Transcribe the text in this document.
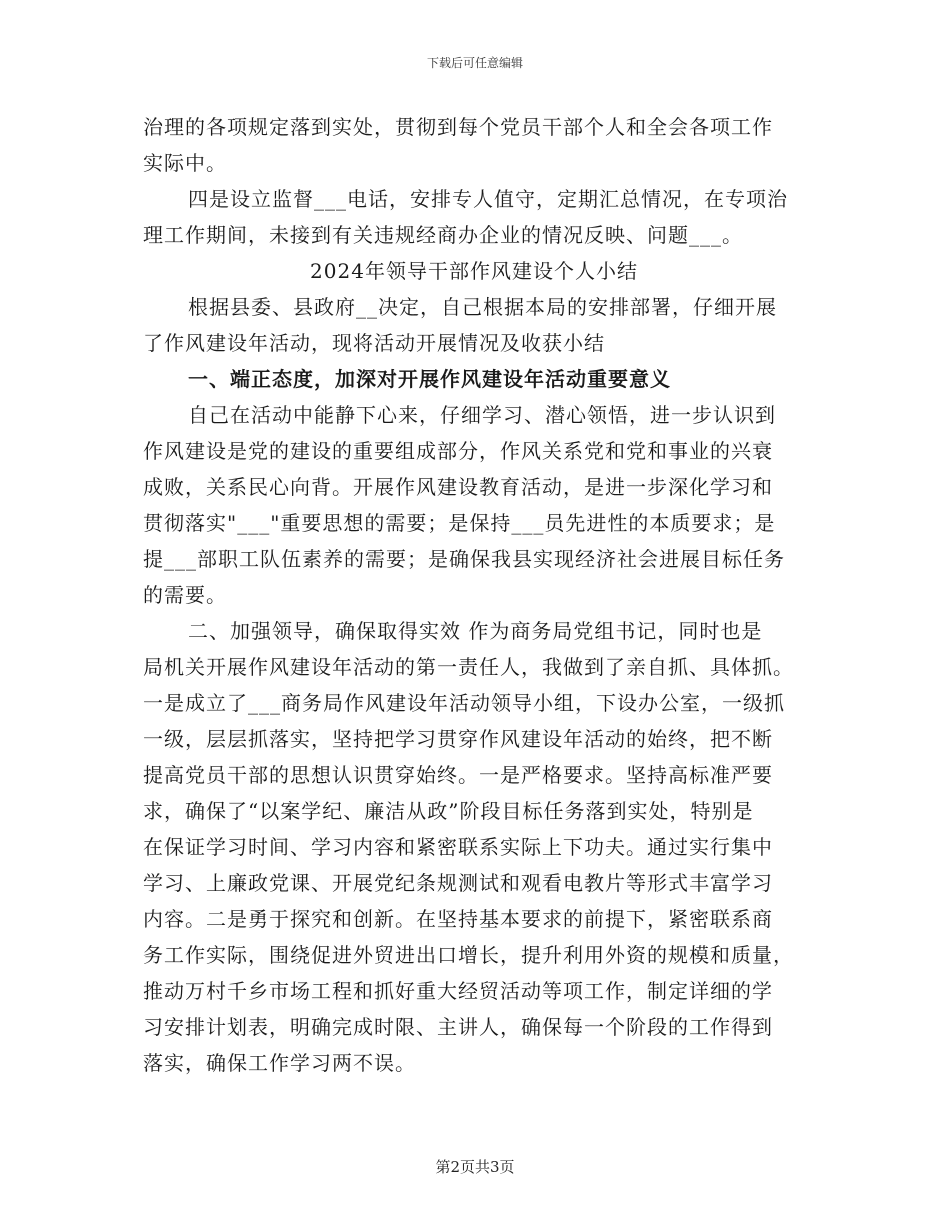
下载后可任意编辑
治理的各项规定落到实处，贯彻到每个党员干部个人和全会各项工作
实际中。
四是设立监督___电话，安排专人值守，定期汇总情况，在专项治
理工作期间，未接到有关违规经商办企业的情况反映、问题___。
2024年领导干部作风建设个人小结
根据县委、县政府__决定，自己根据本局的安排部署，仔细开展
了作风建设年活动，现将活动开展情况及收获小结
一、端正态度，加深对开展作风建设年活动重要意义
自己在活动中能静下心来，仔细学习、潜心领悟，进一步认识到
作风建设是党的建设的重要组成部分，作风关系党和党和事业的兴衰
成败，关系民心向背。开展作风建设教育活动，是进一步深化学习和
贯彻落实"___"重要思想的需要；是保持___员先进性的本质要求；是
提___部职工队伍素养的需要；是确保我县实现经济社会进展目标任务
的需要。
二、加强领导，确保取得实效 作为商务局党组书记，同时也是
局机关开展作风建设年活动的第一责任人，我做到了亲自抓、具体抓。
一是成立了___商务局作风建设年活动领导小组，下设办公室，一级抓
一级，层层抓落实，坚持把学习贯穿作风建设年活动的始终，把不断
提高党员干部的思想认识贯穿始终。一是严格要求。坚持高标准严要
求，确保了“以案学纪、廉洁从政”阶段目标任务落到实处，特别是
在保证学习时间、学习内容和紧密联系实际上下功夫。通过实行集中
学习、上廉政党课、开展党纪条规测试和观看电教片等形式丰富学习
内容。二是勇于探究和创新。在坚持基本要求的前提下，紧密联系商
务工作实际，围绕促进外贸进出口增长，提升利用外资的规模和质量，
推动万村千乡市场工程和抓好重大经贸活动等项工作，制定详细的学
习安排计划表，明确完成时限、主讲人，确保每一个阶段的工作得到
落实，确保工作学习两不误。
第2页共3页
